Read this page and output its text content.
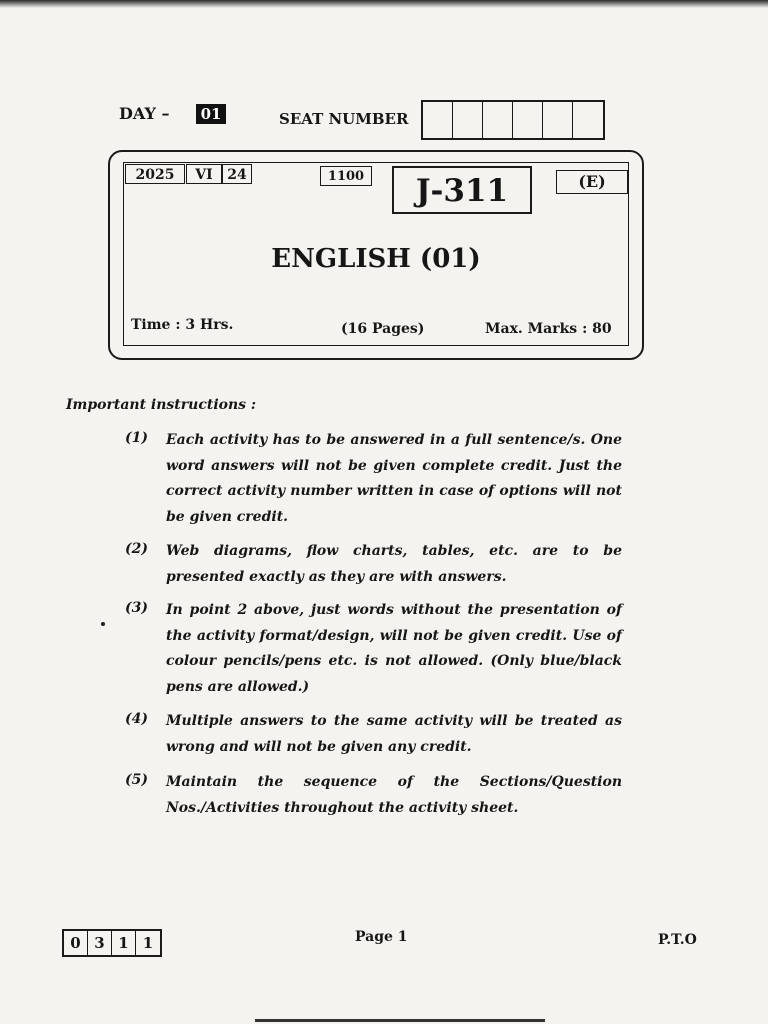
DAY –	01	SEAT NUMBER
2025	VI	24	1100	J-311	(E)
ENGLISH (01)
Time : 3 Hrs.	(16 Pages)	Max. Marks : 80
Important instructions :
(1) Each activity has to be answered in a full sentence/s. One word answers will not be given complete credit. Just the correct activity number written in case of options will not be given credit.
(2) Web diagrams, flow charts, tables, etc. are to be presented exactly as they are with answers.
(3) In point 2 above, just words without the presentation of the activity format/design, will not be given credit. Use of colour pencils/pens etc. is not allowed. (Only blue/black pens are allowed.)
(4) Multiple answers to the same activity will be treated as wrong and will not be given any credit.
(5) Maintain the sequence of the Sections/Question Nos./Activities throughout the activity sheet.
0 3 1 1	Page 1	P.T.O
